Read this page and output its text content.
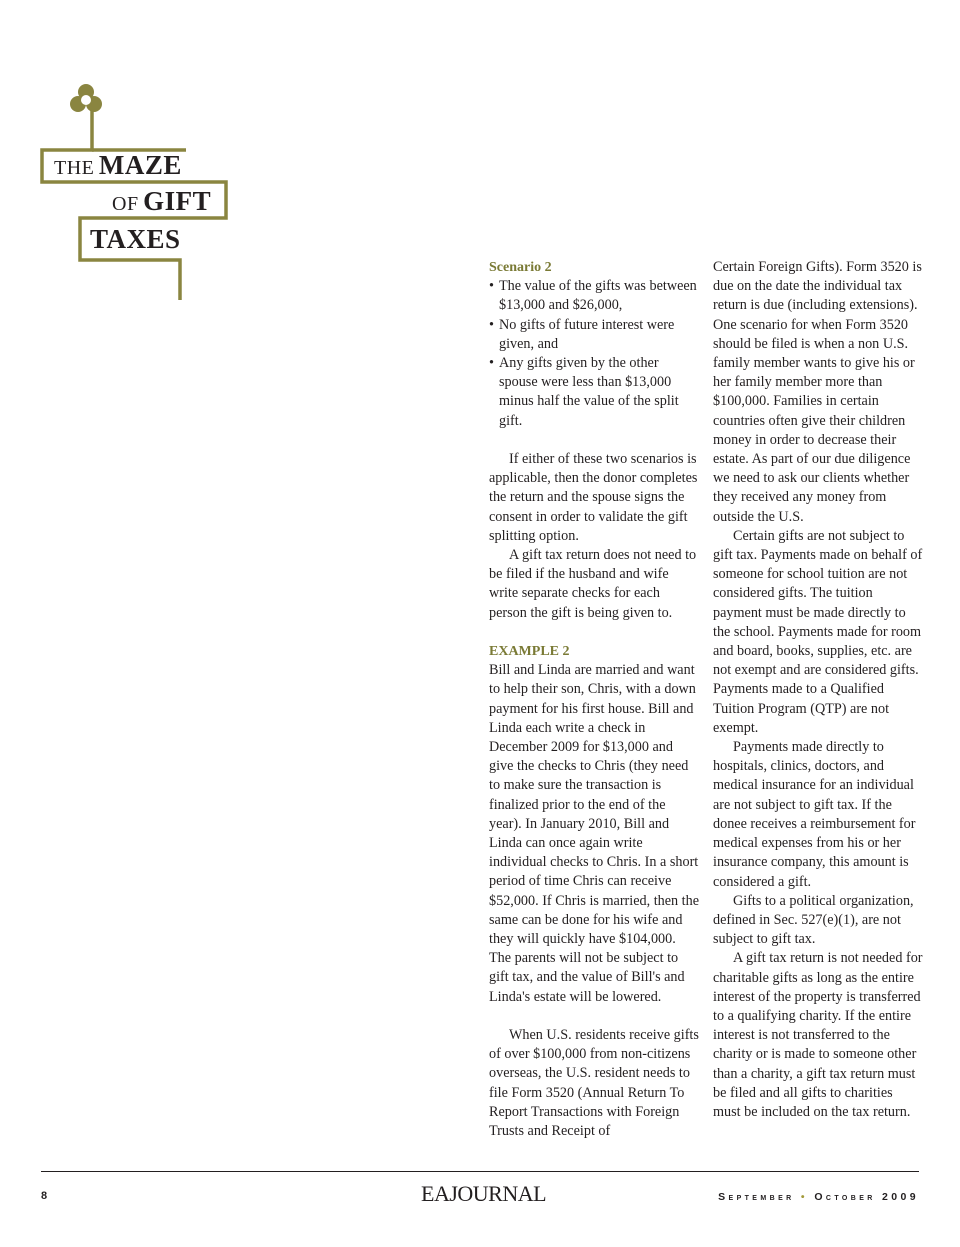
THE MAZE
OF GIFT
TAXES

Scenario 2

• The value of the gifts was between $13,000 and $26,000,
• No gifts of future interest were given, and
• Any gifts given by the other spouse were less than $13,000 minus half the value of the split gift.

If either of these two scenarios is applicable, then the donor completes the return and the spouse signs the consent in order to validate the gift splitting option.

A gift tax return does not need to be filed if the husband and wife write separate checks for each person the gift is being given to.

EXAMPLE 2

Bill and Linda are married and want to help their son, Chris, with a down payment for his first house. Bill and Linda each write a check in December 2009 for $13,000 and give the checks to Chris (they need to make sure the transaction is finalized prior to the end of the year). In January 2010, Bill and Linda can once again write individual checks to Chris. In a short period of time Chris can receive $52,000. If Chris is married, then the same can be done for his wife and they will quickly have $104,000. The parents will not be subject to gift tax, and the value of Bill's and Linda's estate will be lowered.

When U.S. residents receive gifts of over $100,000 from non-citizens overseas, the U.S. resident needs to file Form 3520 (Annual Return To Report Transactions with Foreign Trusts and Receipt of

Certain Foreign Gifts). Form 3520 is due on the date the individual tax return is due (including extensions). One scenario for when Form 3520 should be filed is when a non U.S. family member wants to give his or her family member more than $100,000. Families in certain countries often give their children money in order to decrease their estate. As part of our due diligence we need to ask our clients whether they received any money from outside the U.S.

Certain gifts are not subject to gift tax. Payments made on behalf of someone for school tuition are not considered gifts. The tuition payment must be made directly to the school. Payments made for room and board, books, supplies, etc. are not exempt and are considered gifts. Payments made to a Qualified Tuition Program (QTP) are not exempt.

Payments made directly to hospitals, clinics, doctors, and medical insurance for an individual are not subject to gift tax. If the donee receives a reimbursement for medical expenses from his or her insurance company, this amount is considered a gift.

Gifts to a political organization, defined in Sec. 527(e)(1), are not subject to gift tax.

A gift tax return is not needed for charitable gifts as long as the entire interest of the property is transferred to a qualifying charity. If the entire interest is not transferred to the charity or is made to someone other than a charity, a gift tax return must be filed and all gifts to charities must be included on the tax return.

8	EAJOURNAL	September • October 2009
